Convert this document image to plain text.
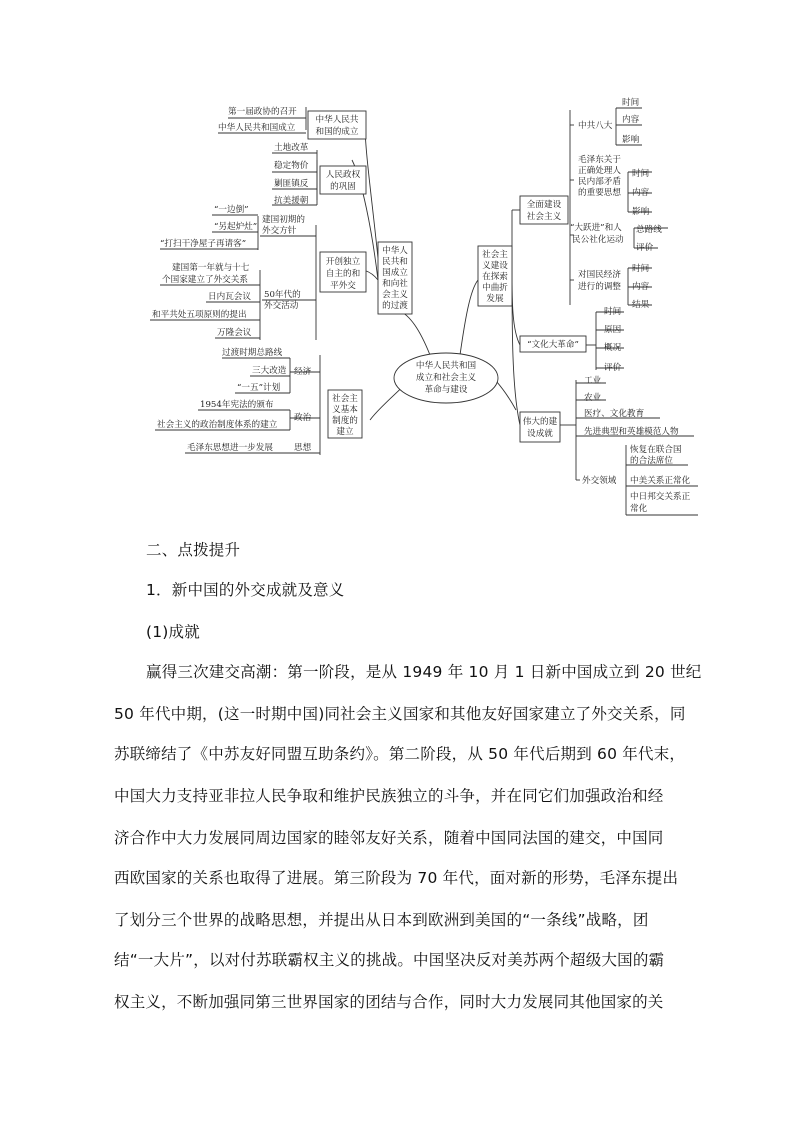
中华人民共和国
成立和社会主义
革命与建设
中华人民共
和国的成立
第一届政协的召开
中华人民共和国成立
中华人
民共和
国成立
和向社
会主义
的过渡
人民政权
的巩固
土地改革
稳定物价
剿匪镇反
抗美援朝
开创独立
自主的和
平外交
建国初期的
外交方针
“一边倒”
“另起炉灶”
“打扫干净屋子再请客”
50年代的
外交活动
建国第一年就与十七
个国家建立了外交关系
日内瓦会议
和平共处五项原则的提出
万隆会议
社会主
义基本
制度的
建立
经济
过渡时期总路线
三大改造
“一五”计划
政治
1954年宪法的颁布
社会主义的政治制度体系的建立
思想
毛泽东思想进一步发展
社会主
义建设
在探索
中曲折
发展
全面建设
社会主义
中共八大
时间
内容
影响
毛泽东关于
正确处理人
民内部矛盾
的重要思想
时间
内容
影响
“大跃进”和人
民公社化运动
总路线
评价
对国民经济
进行的调整
时间
内容
结果
“文化大革命”
时间
原因
概况
评价
伟大的建
设成就
工业
农业
医疗、文化教育
先进典型和英雄模范人物
外交领域
恢复在联合国
的合法席位
中美关系正常化
中日邦交关系正
常化
二、点拨提升
1．新中国的外交成就及意义
(1)成就
赢得三次建交高潮：第一阶段，是从 1949 年 10 月 1 日新中国成立到 20 世纪
50 年代中期，(这一时期中国)同社会主义国家和其他友好国家建立了外交关系，同
苏联缔结了《中苏友好同盟互助条约》。第二阶段，从 50 年代后期到 60 年代末，
中国大力支持亚非拉人民争取和维护民族独立的斗争，并在同它们加强政治和经
济合作中大力发展同周边国家的睦邻友好关系，随着中国同法国的建交，中国同
西欧国家的关系也取得了进展。第三阶段为 70 年代，面对新的形势，毛泽东提出
了划分三个世界的战略思想，并提出从日本到欧洲到美国的“一条线”战略，团
结“一大片”，以对付苏联霸权主义的挑战。中国坚决反对美苏两个超级大国的霸
权主义，不断加强同第三世界国家的团结与合作，同时大力发展同其他国家的关
